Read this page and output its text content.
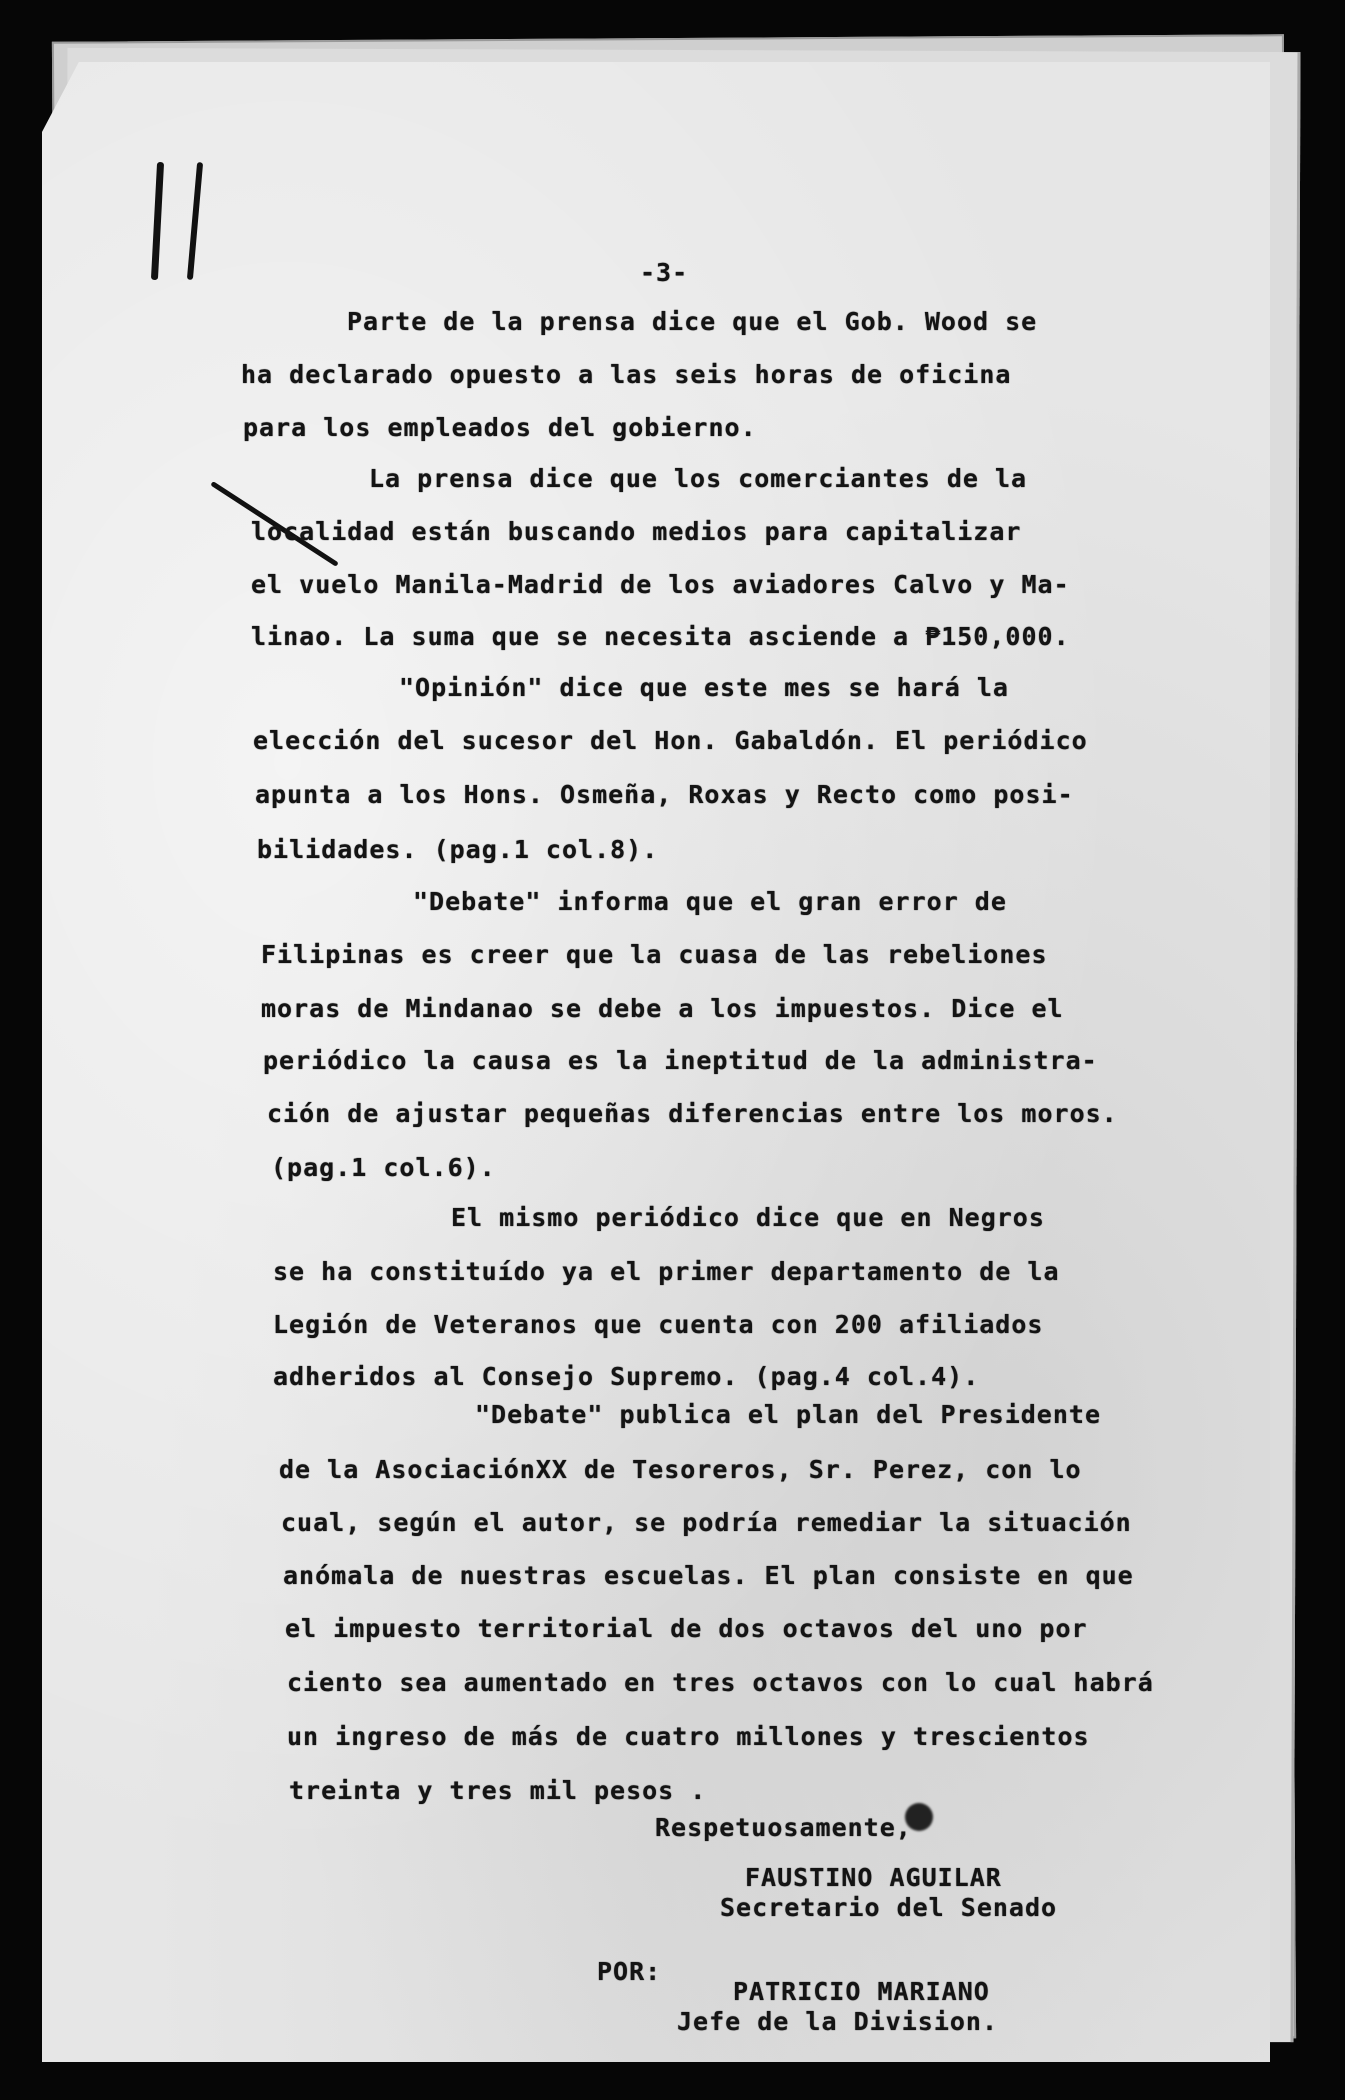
-3-
Parte de la prensa dice que el Gob. Wood se
ha declarado opuesto a las seis horas de oficina
para los empleados del gobierno.
La prensa dice que los comerciantes de la
localidad están buscando medios para capitalizar
el vuelo Manila-Madrid de los aviadores Calvo y Ma-
linao. La suma que se necesita asciende a ₱150,000.
"Opinión" dice que este mes se hará la
elección del sucesor del Hon. Gabaldón. El periódico
apunta a los Hons. Osmeña, Roxas y Recto como posi-
bilidades. (pag.1 col.8).
"Debate" informa que el gran error de
Filipinas es creer que la cuasa de las rebeliones
moras de Mindanao se debe a los impuestos. Dice el
periódico la causa es la ineptitud de la administra-
ción de ajustar pequeñas diferencias entre los moros.
(pag.1 col.6).
El mismo periódico dice que en Negros
se ha constituído ya el primer departamento de la
Legión de Veteranos que cuenta con 200 afiliados
adheridos al Consejo Supremo. (pag.4 col.4).
"Debate" publica el plan del Presidente
de la AsociaciónXX de Tesoreros, Sr. Perez, con lo
cual, según el autor, se podría remediar la situación
anómala de nuestras escuelas. El plan consiste en que
el impuesto territorial de dos octavos del uno por
ciento sea aumentado en tres octavos con lo cual habrá
un ingreso de más de cuatro millones y trescientos
treinta y tres mil pesos .
Respetuosamente,
FAUSTINO AGUILAR
Secretario del Senado
POR:
PATRICIO MARIANO
Jefe de la Division.
